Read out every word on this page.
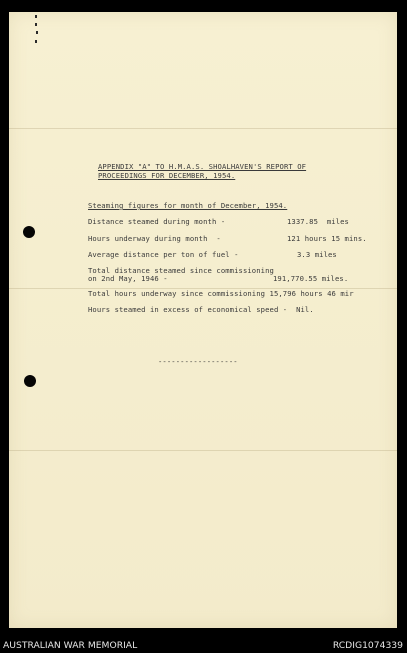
APPENDIX "A" TO H.M.A.S. SHOALHAVEN'S REPORT OF
PROCEEDINGS FOR DECEMBER, 1954.
Steaming figures for month of December, 1954.
Distance steamed during month -	1337.85  miles
Hours underway during month  -	121 hours 15 mins.
Average distance per ton of fuel -	3.3 miles
Total distance steamed since commissioning
on 2nd May, 1946 -	191,770.55 miles.
Total hours underway since commissioning 15,796 hours 46 mir
Hours steamed in excess of economical speed -  Nil.
------------------
AUSTRALIAN WAR MEMORIAL	RCDIG1074339
